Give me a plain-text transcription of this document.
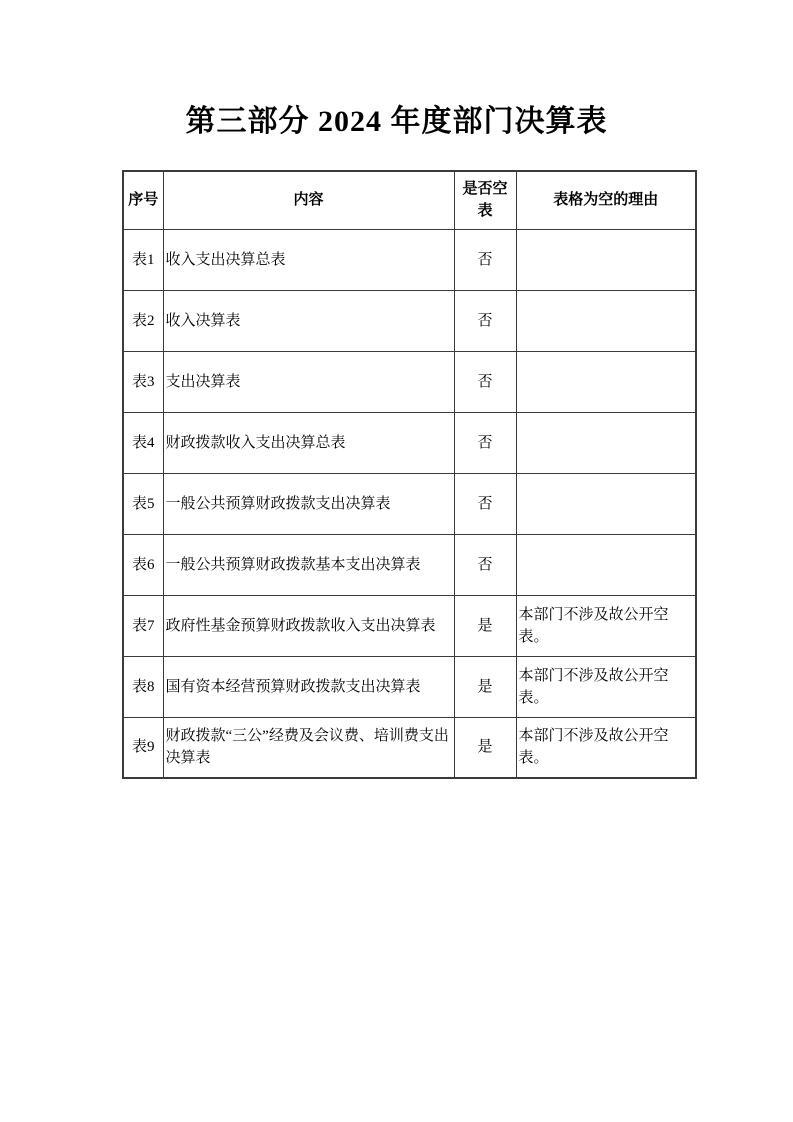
第三部分 2024 年度部门决算表
序号	内容	是否空表	表格为空的理由
表1	收入支出决算总表	否	
表2	收入决算表	否	
表3	支出决算表	否	
表4	财政拨款收入支出决算总表	否	
表5	一般公共预算财政拨款支出决算表	否	
表6	一般公共预算财政拨款基本支出决算表	否	
表7	政府性基金预算财政拨款收入支出决算表	是	本部门不涉及故公开空表。
表8	国有资本经营预算财政拨款支出决算表	是	本部门不涉及故公开空表。
表9	财政拨款“三公”经费及会议费、培训费支出决算表	是	本部门不涉及故公开空表。
